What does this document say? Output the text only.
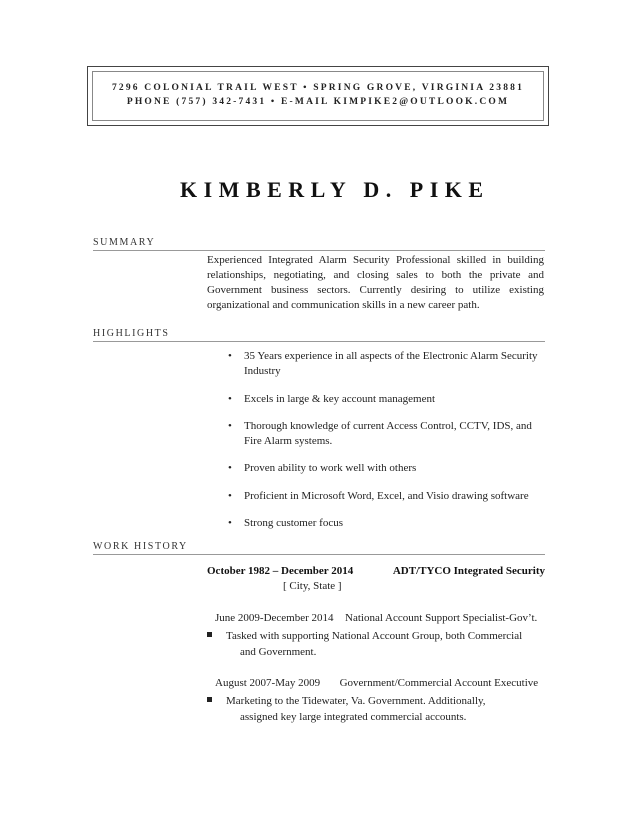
7296 COLONIAL TRAIL WEST • SPRING GROVE, VIRGINIA 23881
PHONE (757) 342-7431 • E-MAIL KIMPIKE2@OUTLOOK.COM
KIMBERLY D. PIKE
SUMMARY
Experienced Integrated Alarm Security Professional skilled in building relationships, negotiating, and closing sales to both the private and Government business sectors. Currently desiring to utilize existing organizational and communication skills in a new career path.
HIGHLIGHTS
• 35 Years experience in all aspects of the Electronic Alarm Security Industry
• Excels in large & key account management
• Thorough knowledge of current Access Control, CCTV, IDS, and Fire Alarm systems.
• Proven ability to work well with others
• Proficient in Microsoft Word, Excel, and Visio drawing software
• Strong customer focus
WORK HISTORY
October 1982 – December 2014	ADT/TYCO Integrated Security
[ City, State ]
June 2009-December 2014 National Account Support Specialist-Gov’t.
Tasked with supporting National Account Group, both Commercial
and Government.
August 2007-May 2009 Government/Commercial Account Executive
Marketing to the Tidewater, Va. Government. Additionally,
assigned key large integrated commercial accounts.
